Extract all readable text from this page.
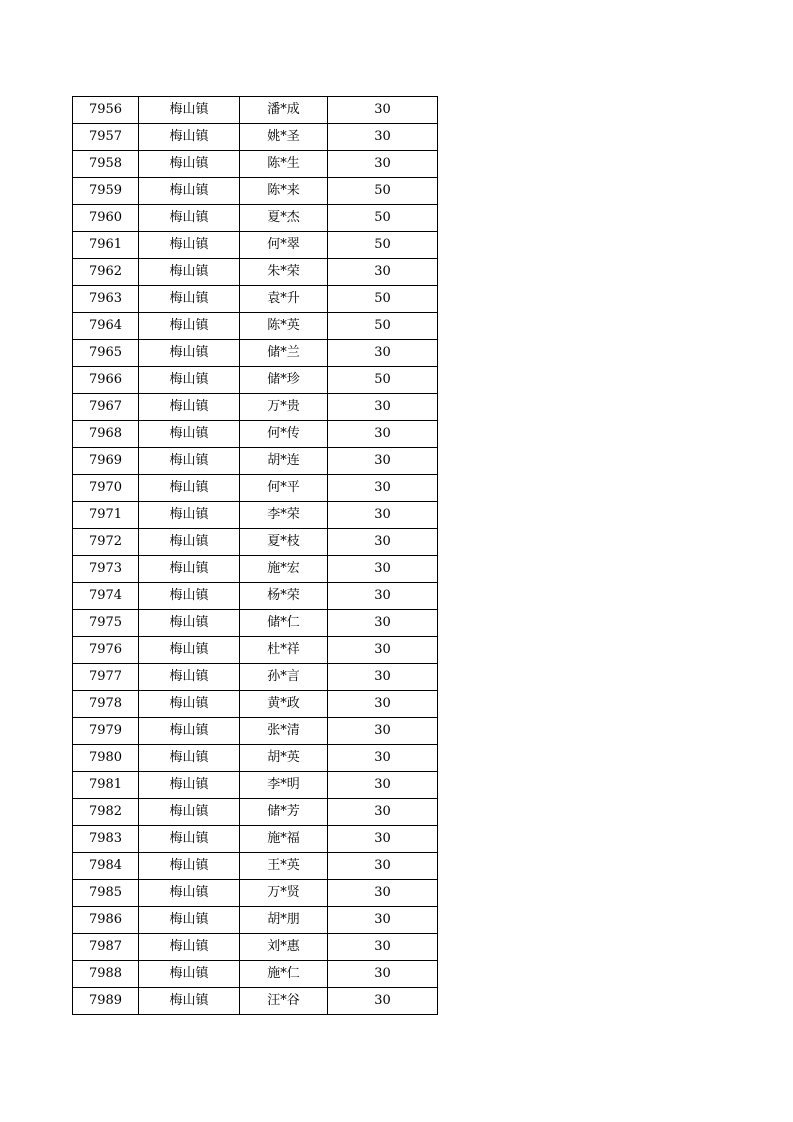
7956	梅山镇	潘*成	30
7957	梅山镇	姚*圣	30
7958	梅山镇	陈*生	30
7959	梅山镇	陈*来	50
7960	梅山镇	夏*杰	50
7961	梅山镇	何*翠	50
7962	梅山镇	朱*荣	30
7963	梅山镇	袁*升	50
7964	梅山镇	陈*英	50
7965	梅山镇	储*兰	30
7966	梅山镇	储*珍	50
7967	梅山镇	万*贵	30
7968	梅山镇	何*传	30
7969	梅山镇	胡*连	30
7970	梅山镇	何*平	30
7971	梅山镇	李*荣	30
7972	梅山镇	夏*枝	30
7973	梅山镇	施*宏	30
7974	梅山镇	杨*荣	30
7975	梅山镇	储*仁	30
7976	梅山镇	杜*祥	30
7977	梅山镇	孙*言	30
7978	梅山镇	黄*政	30
7979	梅山镇	张*清	30
7980	梅山镇	胡*英	30
7981	梅山镇	李*明	30
7982	梅山镇	储*芳	30
7983	梅山镇	施*福	30
7984	梅山镇	王*英	30
7985	梅山镇	万*贤	30
7986	梅山镇	胡*朋	30
7987	梅山镇	刘*惠	30
7988	梅山镇	施*仁	30
7989	梅山镇	汪*谷	30
